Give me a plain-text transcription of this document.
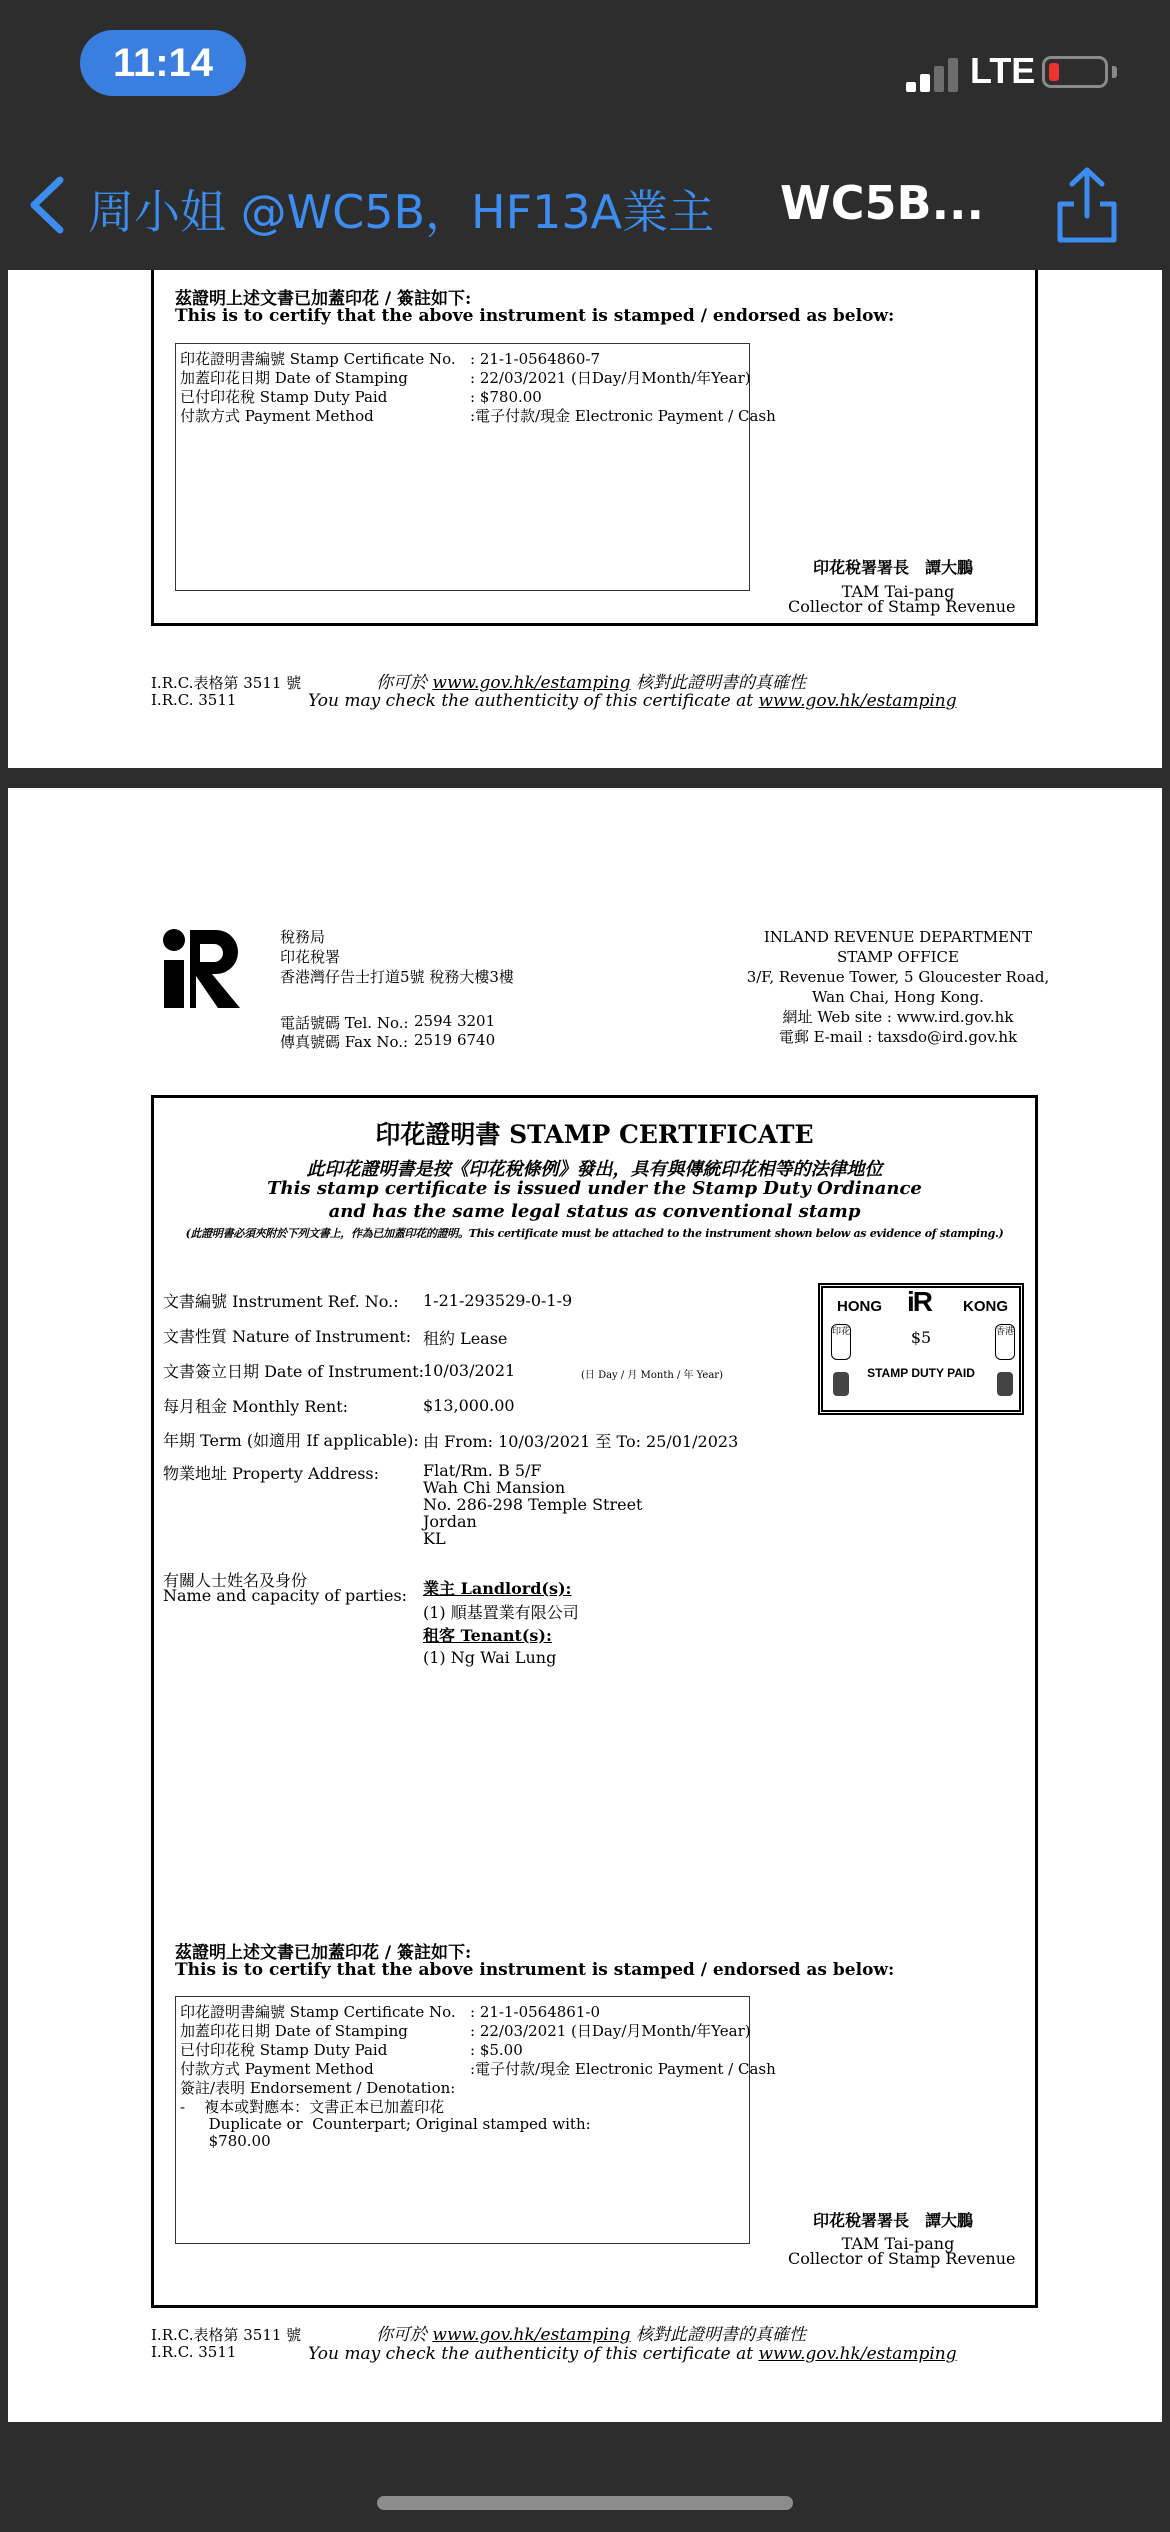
11:14	LTE
周小姐 @WC5B，HF13A業主 WC5B...
茲證明上述文書已加蓋印花 / 簽註如下:
This is to certify that the above instrument is stamped / endorsed as below:
印花證明書編號 Stamp Certificate No. : 21-1-0564860-7
加蓋印花日期 Date of Stamping	: 22/03/2021 (日Day/月Month/年Year)
已付印花稅 Stamp Duty Paid	: $780.00
付款方式 Payment Method	:電子付款/現金 Electronic Payment / Cash
印花稅署署長　譚大鵬
TAM Tai-pang
Collector of Stamp Revenue
I.R.C.表格第 3511 號
I.R.C. 3511
你可於 www.gov.hk/estamping 核對此證明書的真確性
You may check the authenticity of this certificate at www.gov.hk/estamping
稅務局
印花稅署
香港灣仔告士打道5號 稅務大樓3樓
電話號碼 Tel. No.: 2594 3201
傳真號碼 Fax No.: 2519 6740
INLAND REVENUE DEPARTMENT
STAMP OFFICE
3/F, Revenue Tower, 5 Gloucester Road,
Wan Chai, Hong Kong.
網址 Web site : www.ird.gov.hk
電郵 E-mail : taxsdo@ird.gov.hk
印花證明書 STAMP CERTIFICATE
此印花證明書是按《印花稅條例》發出，具有與傳統印花相等的法律地位
This stamp certificate is issued under the Stamp Duty Ordinance
and has the same legal status as conventional stamp
(此證明書必須夾附於下列文書上，作為已加蓋印花的證明。This certificate must be attached to the instrument shown below as evidence of stamping.)
文書編號 Instrument Ref. No.: 1-21-293529-0-1-9
文書性質 Nature of Instrument: 租約 Lease
文書簽立日期 Date of Instrument:
10/03/2021	(日 Day / 月 Month / 年 Year)
每月租金 Monthly Rent:	$13,000.00
年期 Term (如適用 If applicable): 由 From: 10/03/2021 至 To: 25/01/2023
物業地址 Property Address:	Flat/Rm. B 5/F
Wah Chi Mansion
No. 286-298 Temple Street
Jordan
KL
有關人士姓名及身份
Name and capacity of parties: 業主 Landlord(s):
(1) 順基置業有限公司
租客 Tenant(s):
(1) Ng Wai Lung
HONG	KONG
iR
印花	香港
$5
STAMP DUTY PAID
茲證明上述文書已加蓋印花 / 簽註如下:
This is to certify that the above instrument is stamped / endorsed as below:
印花證明書編號 Stamp Certificate No. : 21-1-0564861-0
加蓋印花日期 Date of Stamping	: 22/03/2021 (日Day/月Month/年Year)
已付印花稅 Stamp Duty Paid	: $5.00
付款方式 Payment Method	:電子付款/現金 Electronic Payment / Cash
簽註/表明 Endorsement / Denotation:
-    複本或對應本：文書正本已加蓋印花
Duplicate or  Counterpart; Original stamped with:
$780.00
印花稅署署長　譚大鵬
TAM Tai-pang
Collector of Stamp Revenue
I.R.C.表格第 3511 號
I.R.C. 3511
你可於 www.gov.hk/estamping 核對此證明書的真確性
You may check the authenticity of this certificate at www.gov.hk/estamping
